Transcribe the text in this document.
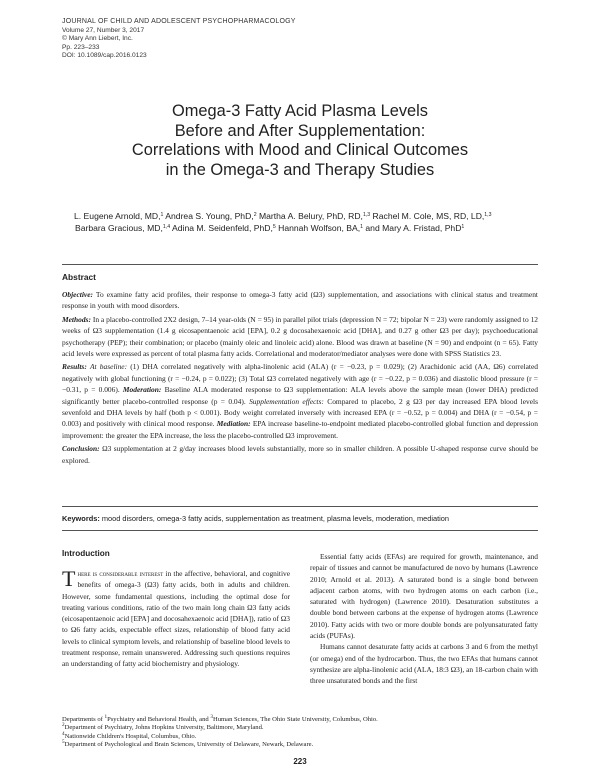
JOURNAL OF CHILD AND ADOLESCENT PSYCHOPHARMACOLOGY
Volume 27, Number 3, 2017
© Mary Ann Liebert, Inc.
Pp. 223–233
DOI: 10.1089/cap.2016.0123
Omega-3 Fatty Acid Plasma Levels
Before and After Supplementation:
Correlations with Mood and Clinical Outcomes
in the Omega-3 and Therapy Studies
L. Eugene Arnold, MD,$^1$ Andrea S. Young, PhD,$^2$ Martha A. Belury, PhD, RD,$^{1,3}$ Rachel M. Cole, MS, RD, LD,$^{1,3}$
Barbara Gracious, MD,$^{1,4}$ Adina M. Seidenfeld, PhD,$^5$ Hannah Wolfson, BA,$^1$ and Mary A. Fristad, PhD$^1$
Abstract

Objective: To examine fatty acid profiles, their response to omega-3 fatty acid (Ω3) supplementation, and associations with clinical status and treatment response in youth with mood disorders.

Methods: In a placebo-controlled 2X2 design, 7–14 year-olds (N = 95) in parallel pilot trials (depression N = 72; bipolar N = 23) were randomly assigned to 12 weeks of Ω3 supplementation (1.4 g eicosapentaenoic acid [EPA], 0.2 g docosahexaenoic acid [DHA], and 0.27 g other Ω3 per day); psychoeducational psychotherapy (PEP); their combination; or placebo (mainly oleic and linoleic acid) alone. Blood was drawn at baseline (N = 90) and endpoint (n = 65). Fatty acid levels were expressed as percent of total plasma fatty acids. Correlational and moderator/mediator analyses were done with SPSS Statistics 23.

Results: At baseline: (1) DHA correlated negatively with alpha-linolenic acid (ALA) (r = −0.23, p = 0.029); (2) Arachidonic acid (AA, Ω6) correlated negatively with global functioning (r = −0.24, p = 0.022); (3) Total Ω3 correlated negatively with age (r = −0.22, p = 0.036) and diastolic blood pressure (r = −0.31, p = 0.006). Moderation: Baseline ALA moderated response to Ω3 supplementation: ALA levels above the sample mean (lower DHA) predicted significantly better placebo-controlled response (p = 0.04). Supplementation effects: Compared to placebo, 2 g Ω3 per day increased EPA blood levels sevenfold and DHA levels by half (both p < 0.001). Body weight correlated inversely with increased EPA (r = −0.52, p = 0.004) and DHA (r = −0.54, p = 0.003) and positively with clinical mood response. Mediation: EPA increase baseline-to-endpoint mediated placebo-controlled global function and depression improvement: the greater the EPA increase, the less the placebo-controlled Ω3 improvement.

Conclusion: Ω3 supplementation at 2 g/day increases blood levels substantially, more so in smaller children. A possible U-shaped response curve should be explored.

Keywords: mood disorders, omega-3 fatty acids, supplementation as treatment, plasma levels, moderation, mediation
Introduction

There is considerable interest in the affective, behavioral, and cognitive benefits of omega-3 (Ω3) fatty acids, both in adults and children. However, some fundamental questions, including the optimal dose for treating various conditions, ratio of the two main long chain Ω3 fatty acids (eicosapentaenoic acid [EPA] and docosahexaenoic acid [DHA]), ratio of Ω3 to Ω6 fatty acids, expectable effect sizes, relationship of blood fatty acid levels to clinical symptom levels, and relationship of baseline blood levels to treatment response, remain unanswered. Addressing such questions requires an understanding of fatty acid biochemistry and physiology.

Essential fatty acids (EFAs) are required for growth, maintenance, and repair of tissues and cannot be manufactured de novo by humans (Lawrence 2010; Arnold et al. 2013). A saturated bond is a single bond between adjacent carbon atoms, with two hydrogen atoms on each carbon (i.e., saturated with hydrogen) (Lawrence 2010). Desaturation substitutes a double bond between carbons at the expense of hydrogen atoms (Lawrence 2010). Fatty acids with two or more double bonds are polyunsaturated fatty acids (PUFAs).

Humans cannot desaturate fatty acids at carbons 3 and 6 from the methyl (or omega) end of the hydrocarbon. Thus, the two EFAs that humans cannot synthesize are alpha-linolenic acid (ALA, 18:3 Ω3), an 18-carbon chain with three unsaturated bonds and the first

Departments of $^1$Psychiatry and Behavioral Health, and $^3$Human Sciences, The Ohio State University, Columbus, Ohio.
$^2$Department of Psychiatry, Johns Hopkins University, Baltimore, Maryland.
$^4$Nationwide Children's Hospital, Columbus, Ohio.
$^5$Department of Psychological and Brain Sciences, University of Delaware, Newark, Delaware.
223
